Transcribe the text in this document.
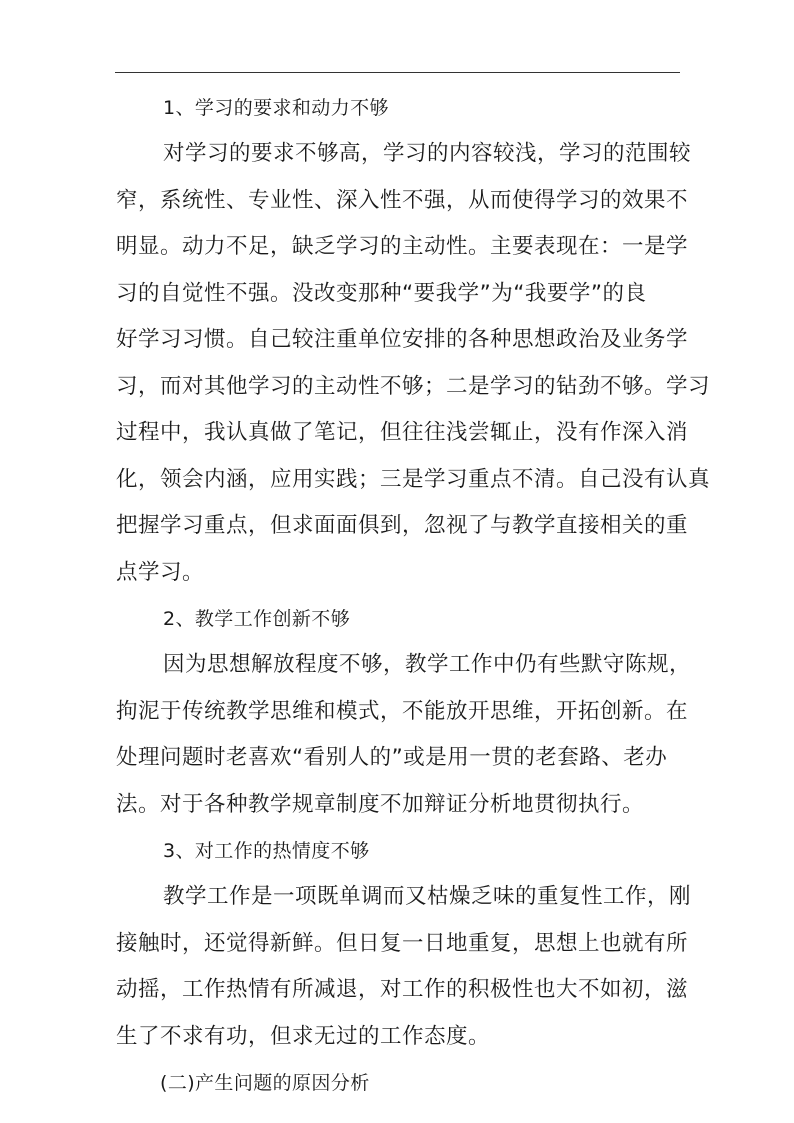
1、学习的要求和动力不够

对学习的要求不够高，学习的内容较浅，学习的范围较
窄，系统性、专业性、深入性不强，从而使得学习的效果不
明显。动力不足，缺乏学习的主动性。主要表现在：一是学
习的自觉性不强。没改变那种“要我学”为“我要学”的良
好学习习惯。自己较注重单位安排的各种思想政治及业务学
习，而对其他学习的主动性不够；二是学习的钻劲不够。学习
过程中，我认真做了笔记，但往往浅尝辄止，没有作深入消
化，领会内涵，应用实践；三是学习重点不清。自己没有认真
把握学习重点，但求面面俱到，忽视了与教学直接相关的重
点学习。

2、教学工作创新不够

因为思想解放程度不够，教学工作中仍有些默守陈规，
拘泥于传统教学思维和模式，不能放开思维，开拓创新。在
处理问题时老喜欢“看别人的”或是用一贯的老套路、老办
法。对于各种教学规章制度不加辩证分析地贯彻执行。

3、对工作的热情度不够

教学工作是一项既单调而又枯燥乏味的重复性工作，刚
接触时，还觉得新鲜。但日复一日地重复，思想上也就有所
动摇，工作热情有所减退，对工作的积极性也大不如初，滋
生了不求有功，但求无过的工作态度。

(二)产生问题的原因分析
